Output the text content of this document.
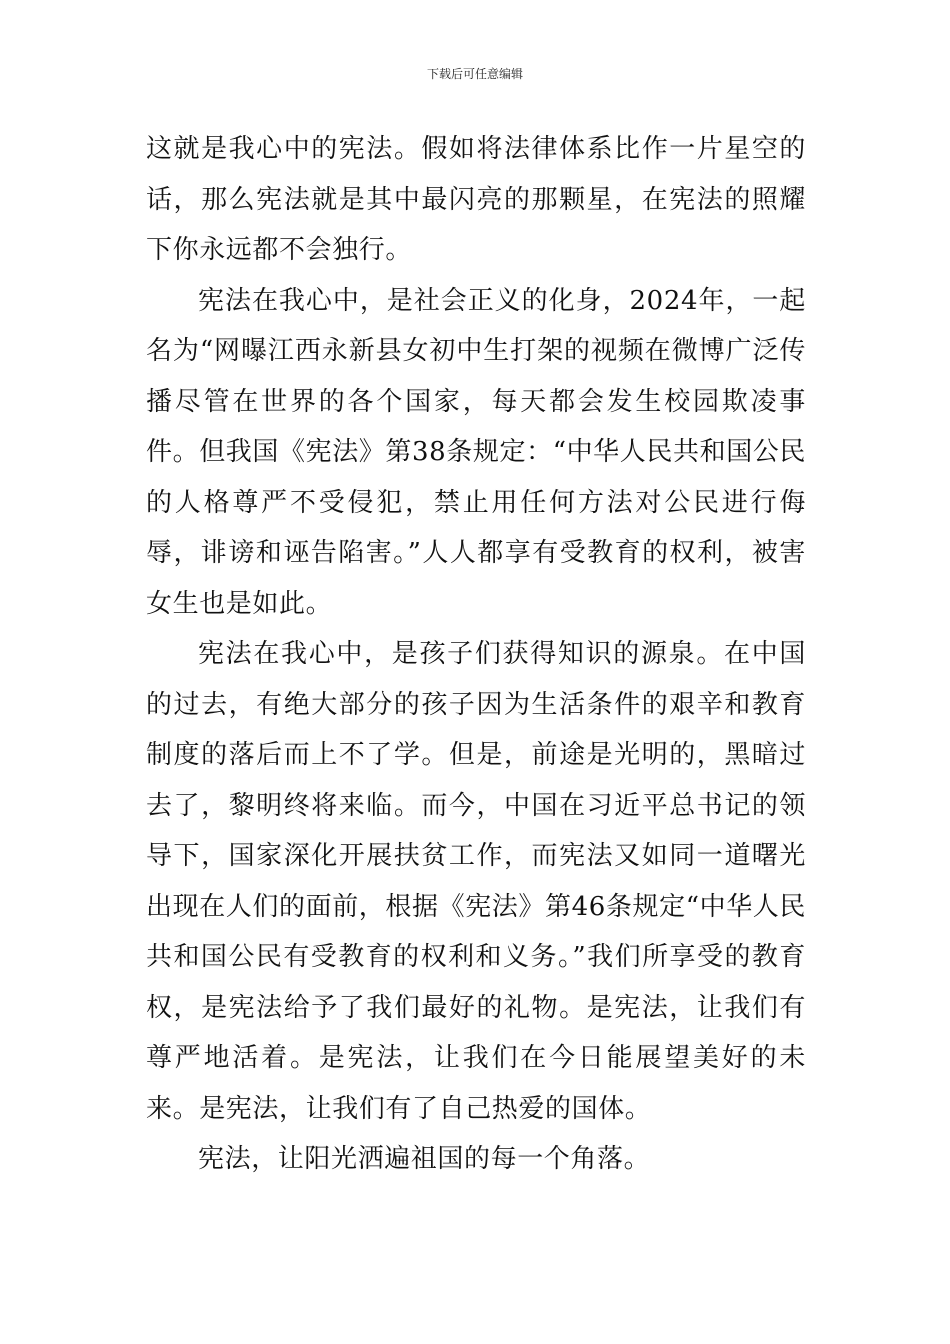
下载后可任意编辑

这就是我心中的宪法。假如将法律体系比作一片星空的话，那么宪法就是其中最闪亮的那颗星，在宪法的照耀下你永远都不会独行。

宪法在我心中，是社会正义的化身，2024年，一起名为“网曝江西永新县女初中生打架的视频在微博广泛传播尽管在世界的各个国家，每天都会发生校园欺凌事件。但我国《宪法》第38条规定：“中华人民共和国公民的人格尊严不受侵犯，禁止用任何方法对公民进行侮辱，诽谤和诬告陷害。”人人都享有受教育的权利，被害女生也是如此。

宪法在我心中，是孩子们获得知识的源泉。在中国的过去，有绝大部分的孩子因为生活条件的艰辛和教育制度的落后而上不了学。但是，前途是光明的，黑暗过去了，黎明终将来临。而今，中国在习近平总书记的领导下，国家深化开展扶贫工作，而宪法又如同一道曙光出现在人们的面前，根据《宪法》第46条规定“中华人民共和国公民有受教育的权利和义务。”我们所享受的教育权，是宪法给予了我们最好的礼物。是宪法，让我们有尊严地活着。是宪法，让我们在今日能展望美好的未来。是宪法，让我们有了自己热爱的国体。

宪法，让阳光洒遍祖国的每一个角落。
